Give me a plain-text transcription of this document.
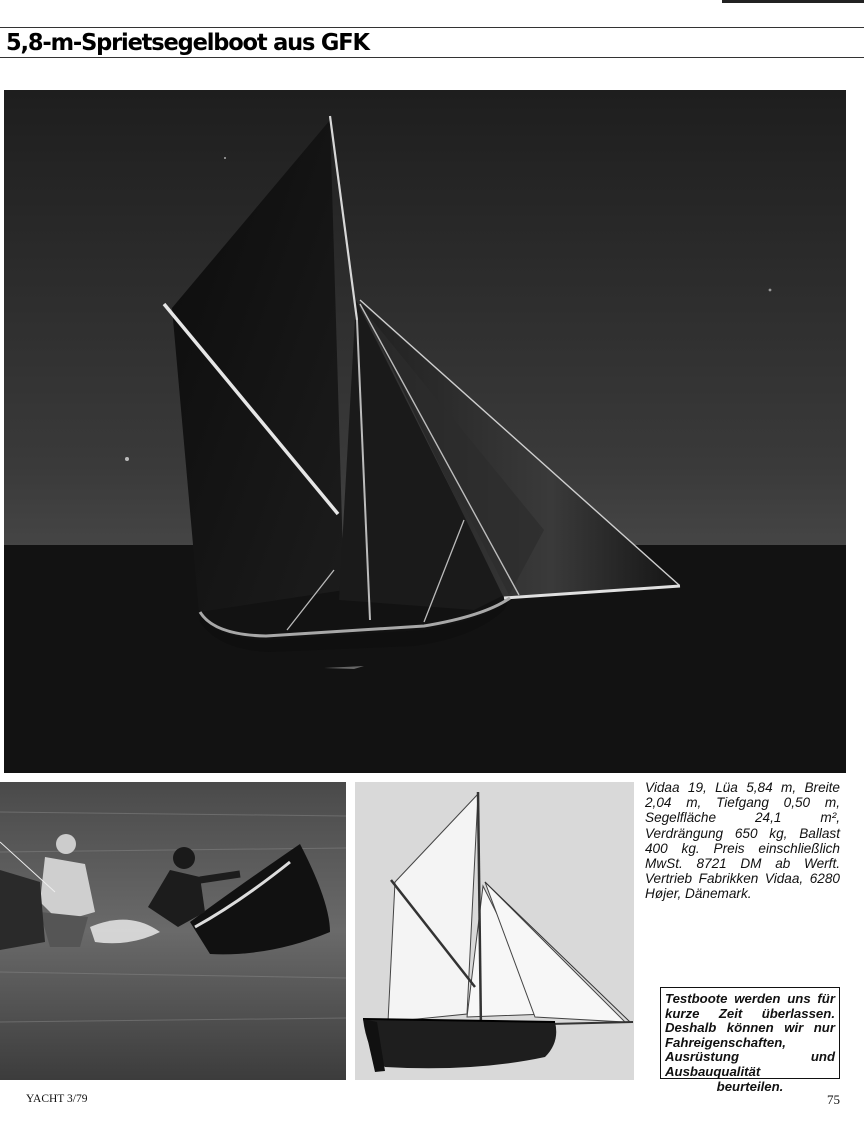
5,8-m-Sprietsegelboot aus GFK

Vidaa 19, Lüa 5,84 m, Breite 2,04 m, Tiefgang 0,50 m, Segelfläche 24,1 m², Verdrängung 650 kg, Ballast 400 kg. Preis einschließlich MwSt. 8721 DM ab Werft. Vertrieb Fabrikken Vidaa, 6280 Højer, Dänemark.

Testboote werden uns für kurze Zeit überlassen. Deshalb können wir nur Fahreigenschaften, Ausrüstung und Ausbauqualität
beurteilen.
YACHT 3/79	75
